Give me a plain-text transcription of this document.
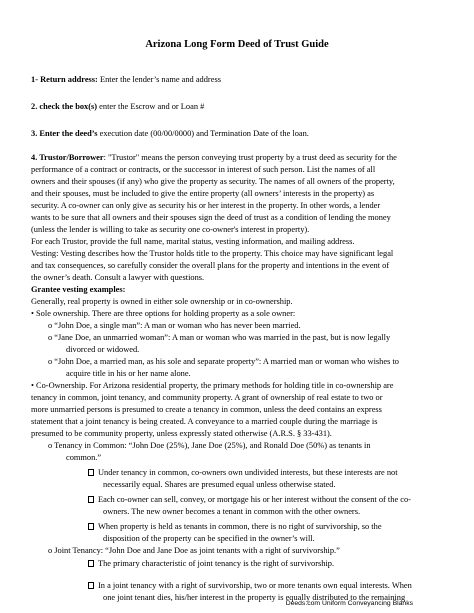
Arizona Long Form Deed of Trust Guide
1- Return address: Enter the lender’s name and address
2. check the box(s) enter the Escrow and or Loan #
3. Enter the deed’s execution date (00/00/0000) and Termination Date of the loan.
4. Trustor/Borrower: "Trustor" means the person conveying trust property by a trust deed as security for the
performance of a contract or contracts, or the successor in interest of such person. List the names of all
owners and their spouses (if any) who give the property as security. The names of all owners of the property,
and their spouses, must be included to give the entire property (all owners’ interests in the property) as
security. A co-owner can only give as security his or her interest in the property. In other words, a lender
wants to be sure that all owners and their spouses sign the deed of trust as a condition of lending the money
(unless the lender is willing to take as security one co-owner's interest in property).
For each Trustor, provide the full name, marital status, vesting information, and mailing address.
Vesting: Vesting describes how the Trustor holds title to the property. This choice may have significant legal
and tax consequences, so carefully consider the overall plans for the property and intentions in the event of
the owner’s death. Consult a lawyer with questions.
Grantee vesting examples:
Generally, real property is owned in either sole ownership or in co-ownership.
• Sole ownership. There are three options for holding property as a sole owner:
o “John Doe, a single man”: A man or woman who has never been married.
o “Jane Doe, an unmarried woman”: A man or woman who was married in the past, but is now legally
divorced or widowed.
o “John Doe, a married man, as his sole and separate property”: A married man or woman who wishes to
acquire title in his or her name alone.
• Co-Ownership. For Arizona residential property, the primary methods for holding title in co-ownership are
tenancy in common, joint tenancy, and community property. A grant of ownership of real estate to two or
more unmarried persons is presumed to create a tenancy in common, unless the deed contains an express
statement that a joint tenancy is being created. A conveyance to a married couple during the marriage is
presumed to be community property, unless expressly stated otherwise (A.R.S. § 33-431).
o Tenancy in Common: “John Doe (25%), Jane Doe (25%), and Ronald Doe (50%) as tenants in
common.”
Under tenancy in common, co-owners own undivided interests, but these interests are not
necessarily equal. Shares are presumed equal unless otherwise stated.
Each co-owner can sell, convey, or mortgage his or her interest without the consent of the co-
owners. The new owner becomes a tenant in common with the other owners.
When property is held as tenants in common, there is no right of survivorship, so the
disposition of the property can be specified in the owner’s will.
o Joint Tenancy: “John Doe and Jane Doe as joint tenants with a right of survivorship.”
The primary characteristic of joint tenancy is the right of survivorship.
In a joint tenancy with a right of survivorship, two or more tenants own equal interests. When
one joint tenant dies, his/her interest in the property is equally distributed to the remaining
Deeds.com Uniform Conveyancing Blanks
